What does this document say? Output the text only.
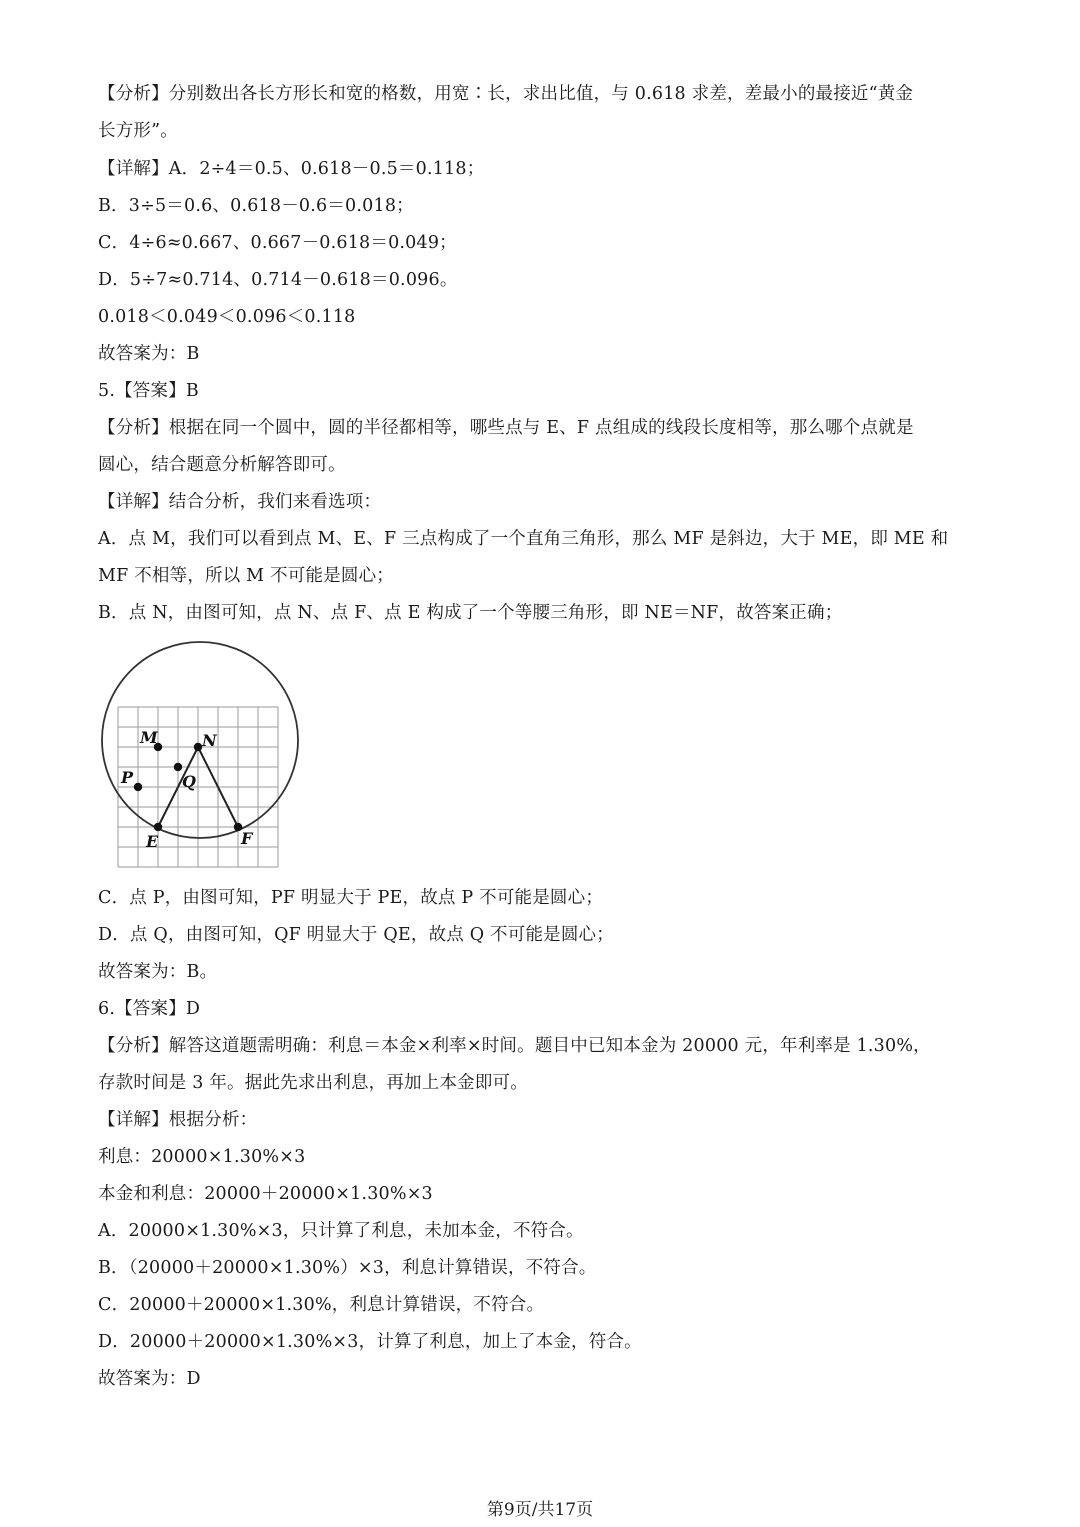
【分析】分别数出各长方形长和宽的格数，用宽∶长，求出比值，与 0.618 求差，差最小的最接近“黄金
长方形”。
【详解】A．2÷4＝0.5、0.618－0.5＝0.118；
B．3÷5＝0.6、0.618－0.6＝0.018；
C．4÷6≈0.667、0.667－0.618＝0.049；
D．5÷7≈0.714、0.714－0.618＝0.096。
0.018＜0.049＜0.096＜0.118
故答案为：B
5.【答案】B
【分析】根据在同一个圆中，圆的半径都相等，哪些点与 E、F 点组成的线段长度相等，那么哪个点就是
圆心，结合题意分析解答即可。
【详解】结合分析，我们来看选项：
A．点 M，我们可以看到点 M、E、F 三点构成了一个直角三角形，那么 MF 是斜边，大于 ME，即 ME 和
MF 不相等，所以 M 不可能是圆心；
B．点 N，由图可知，点 N、点 F、点 E 构成了一个等腰三角形，即 NE＝NF，故答案正确；
M	N
P	Q
E	F
C．点 P，由图可知，PF 明显大于 PE，故点 P 不可能是圆心；
D．点 Q，由图可知，QF 明显大于 QE，故点 Q 不可能是圆心；
故答案为：B。
6.【答案】D
【分析】解答这道题需明确：利息＝本金×利率×时间。题目中已知本金为 20000 元，年利率是 1.30%，
存款时间是 3 年。据此先求出利息，再加上本金即可。
【详解】根据分析：
利息：20000×1.30%×3
本金和利息：20000＋20000×1.30%×3
A．20000×1.30%×3，只计算了利息，未加本金，不符合。
B．（20000＋20000×1.30%）×3，利息计算错误，不符合。
C．20000＋20000×1.30%，利息计算错误，不符合。
D．20000＋20000×1.30%×3，计算了利息，加上了本金，符合。
故答案为：D
第9页/共17页
